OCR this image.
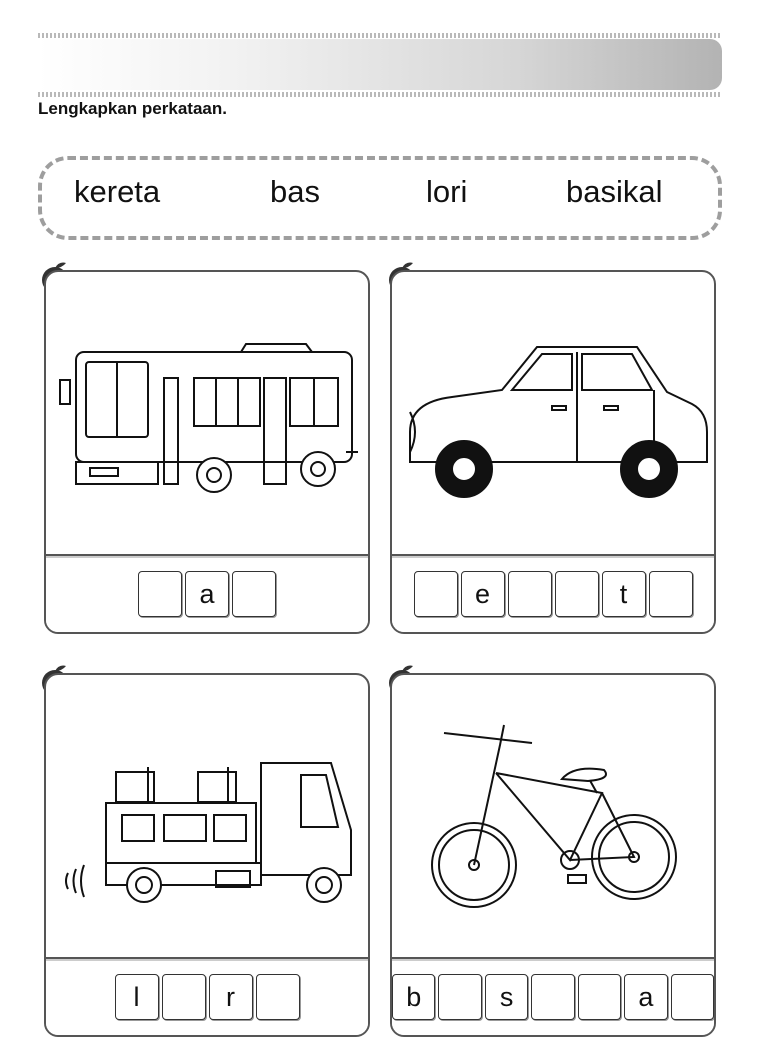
Lengkapkan perkataan.

kereta	bas	lori	basikal
a	e	t
l	r	b	s	a
